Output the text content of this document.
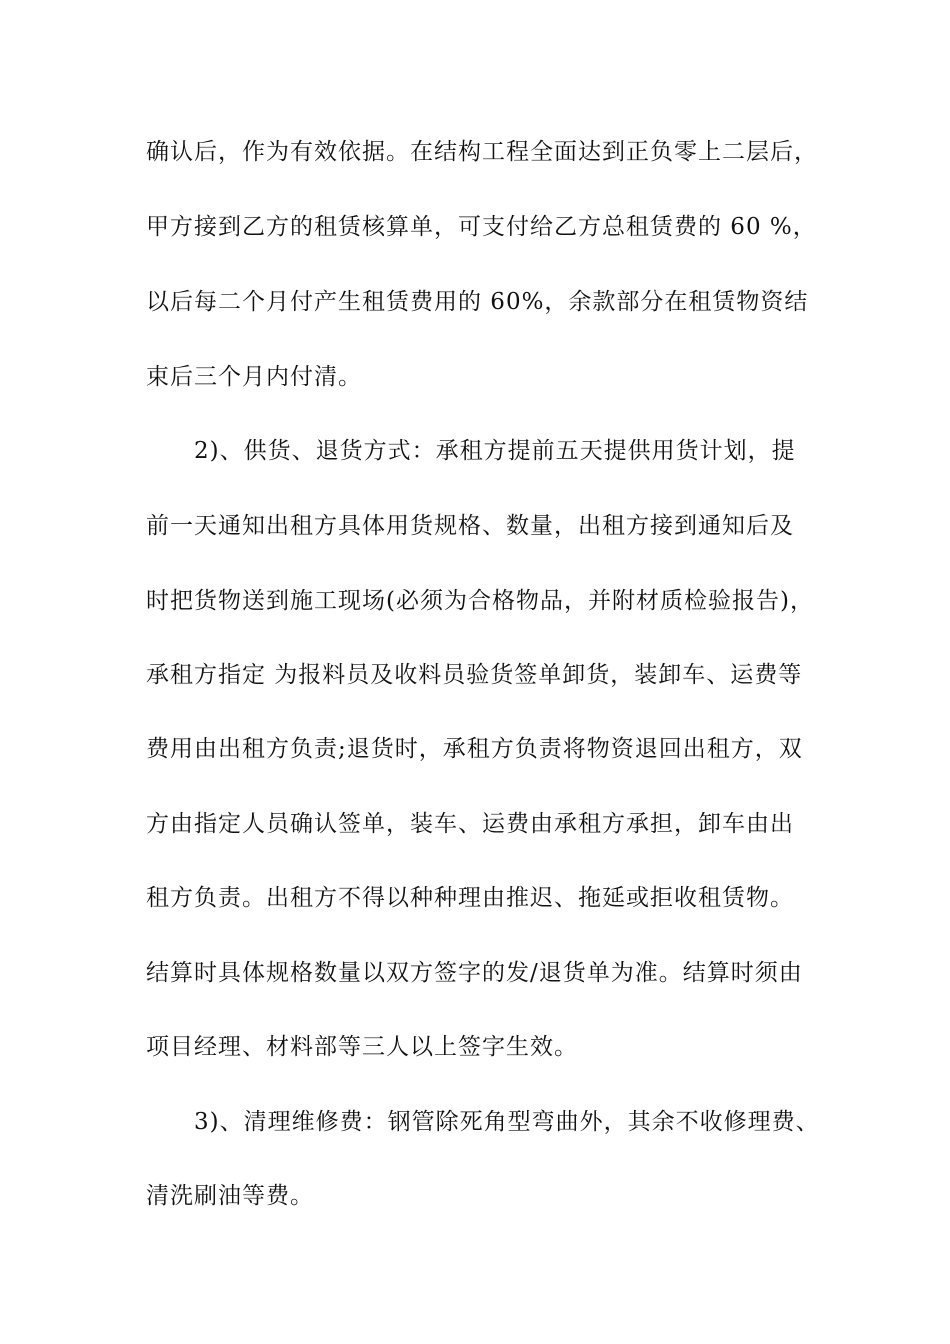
确认后，作为有效依据。在结构工程全面达到正负零上二层后，
甲方接到乙方的租赁核算单，可支付给乙方总租赁费的 60 %，
以后每二个月付产生租赁费用的 60%，余款部分在租赁物资结
束后三个月内付清。
2)、供货、退货方式：承租方提前五天提供用货计划，提
前一天通知出租方具体用货规格、数量，出租方接到通知后及
时把货物送到施工现场(必须为合格物品，并附材质检验报告)，
承租方指定 为报料员及收料员验货签单卸货，装卸车、运费等
费用由出租方负责;退货时，承租方负责将物资退回出租方，双
方由指定人员确认签单，装车、运费由承租方承担，卸车由出
租方负责。出租方不得以种种理由推迟、拖延或拒收租赁物。
结算时具体规格数量以双方签字的发/退货单为准。结算时须由
项目经理、材料部等三人以上签字生效。
3)、清理维修费：钢管除死角型弯曲外，其余不收修理费、
清洗刷油等费。
